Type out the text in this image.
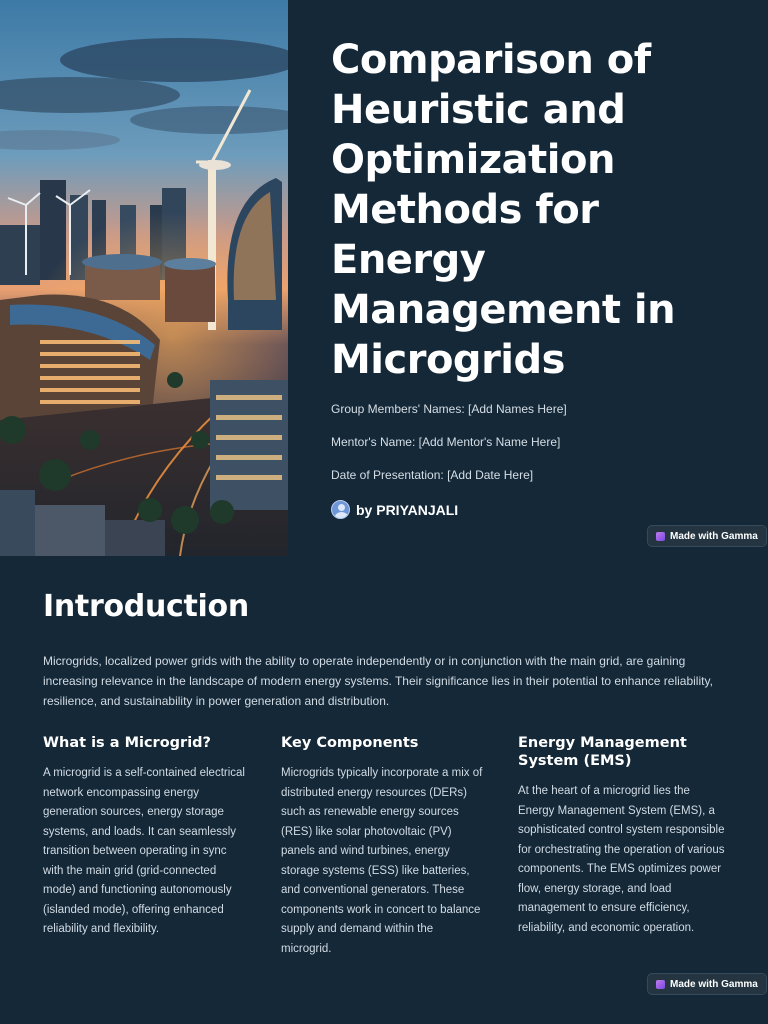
Comparison of Heuristic and Optimization Methods for Energy Management in Microgrids
Group Members' Names: [Add Names Here]
Mentor's Name: [Add Mentor's Name Here]
Date of Presentation: [Add Date Here]
by PRIYANJALI
Made with Gamma
Introduction

Microgrids, localized power grids with the ability to operate independently or in conjunction with the main grid, are gaining increasing relevance in the landscape of modern energy systems. Their significance lies in their potential to enhance reliability, resilience, and sustainability in power generation and distribution.

What is a Microgrid?

A microgrid is a self-contained electrical network encompassing energy generation sources, energy storage systems, and loads. It can seamlessly transition between operating in sync with the main grid (grid-connected mode) and functioning autonomously (islanded mode), offering enhanced reliability and flexibility.

Key Components

Microgrids typically incorporate a mix of distributed energy resources (DERs) such as renewable energy sources (RES) like solar photovoltaic (PV) panels and wind turbines, energy storage systems (ESS) like batteries, and conventional generators. These components work in concert to balance supply and demand within the microgrid.

Energy Management System (EMS)

At the heart of a microgrid lies the Energy Management System (EMS), a sophisticated control system responsible for orchestrating the operation of various components. The EMS optimizes power flow, energy storage, and load management to ensure efficiency, reliability, and economic operation.

Made with Gamma
